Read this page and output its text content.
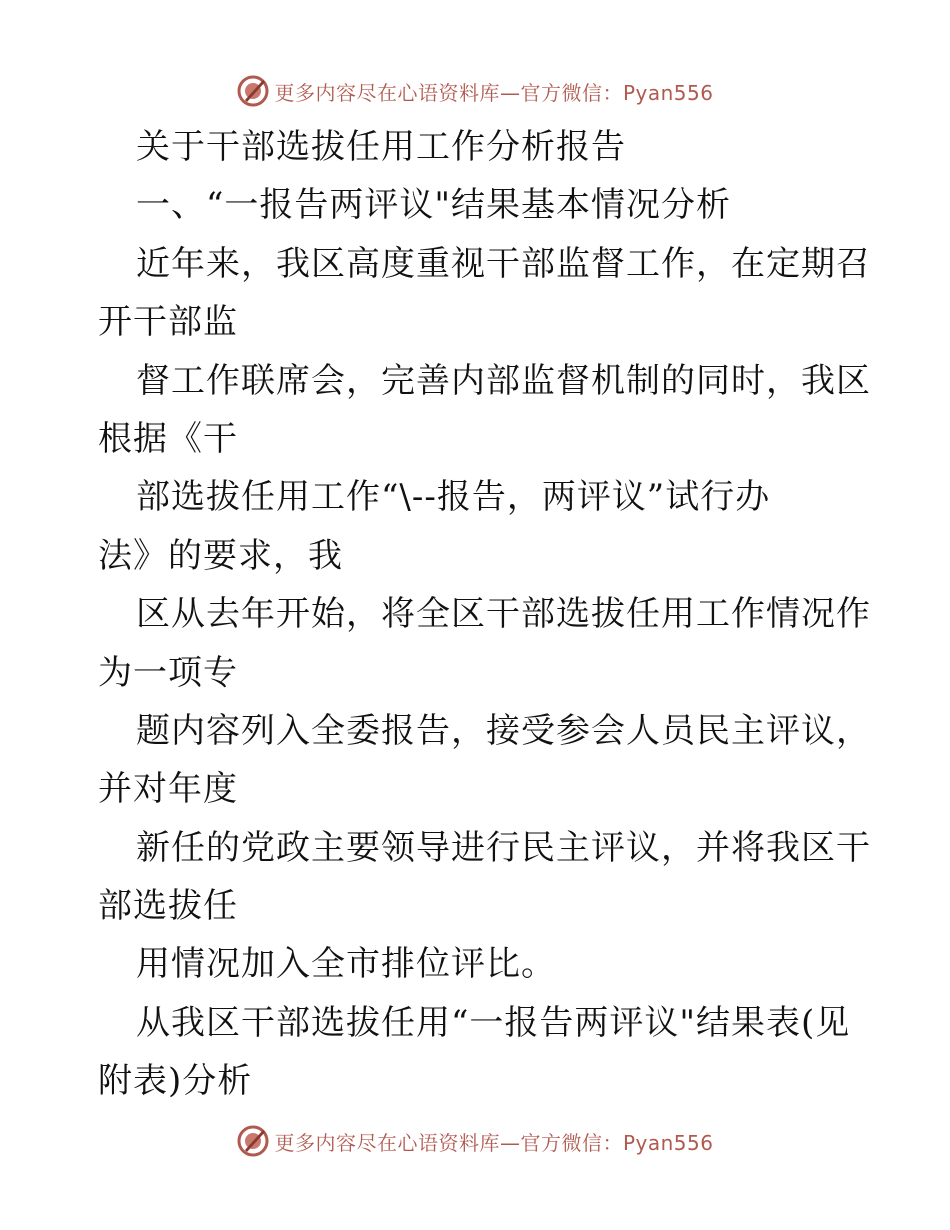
更多内容尽在心语资料库—官方微信：Pyan556
关于干部选拔任用工作分析报告
一、“一报告两评议"结果基本情况分析
近年来，我区高度重视干部监督工作，在定期召
开干部监
督工作联席会，完善内部监督机制的同时，我区
根据《干
部选拔任用工作“\--报告，两评议”试行办
法》的要求，我
区从去年开始，将全区干部选拔任用工作情况作
为一项专
题内容列入全委报告，接受参会人员民主评议，
并对年度
新任的党政主要领导进行民主评议，并将我区干
部选拔任
用情况加入全市排位评比。
从我区干部选拔任用“一报告两评议"结果表(见
附表)分析
更多内容尽在心语资料库—官方微信：Pyan556
